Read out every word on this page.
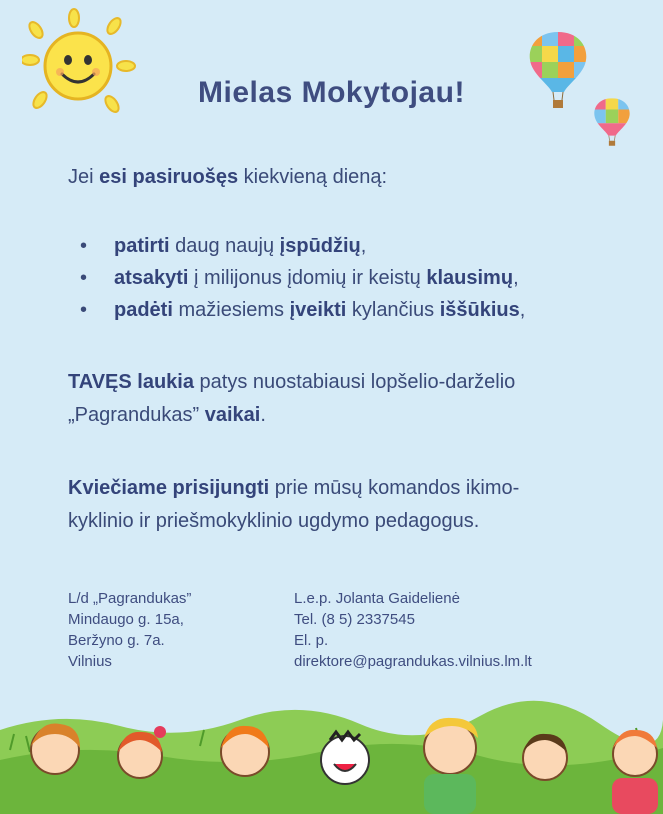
Mielas Mokytojau!
Jei esi pasiruošęs kiekvieną dieną:
• patirti daug naujų įspūdžių,
• atsakyti į milijonus įdomių ir keistų klausimų,
• padėti mažiesiems įveikti kylančius iššūkius,
TAVĘS laukia patys nuostabiausi lopšelio-darželio
„Pagrandukas” vaikai.
Kviečiame prisijungti prie mūsų komandos ikimo-
kyklinio ir priešmokyklinio ugdymo pedagogus.
L/d „Pagrandukas”
Mindaugo g. 15a,
Beržyno g. 7a.
Vilnius
L.e.p. Jolanta Gaidelienė
Tel. (8 5) 2337545
El. p.
direktore@pagrandukas.vilnius.lm.lt
